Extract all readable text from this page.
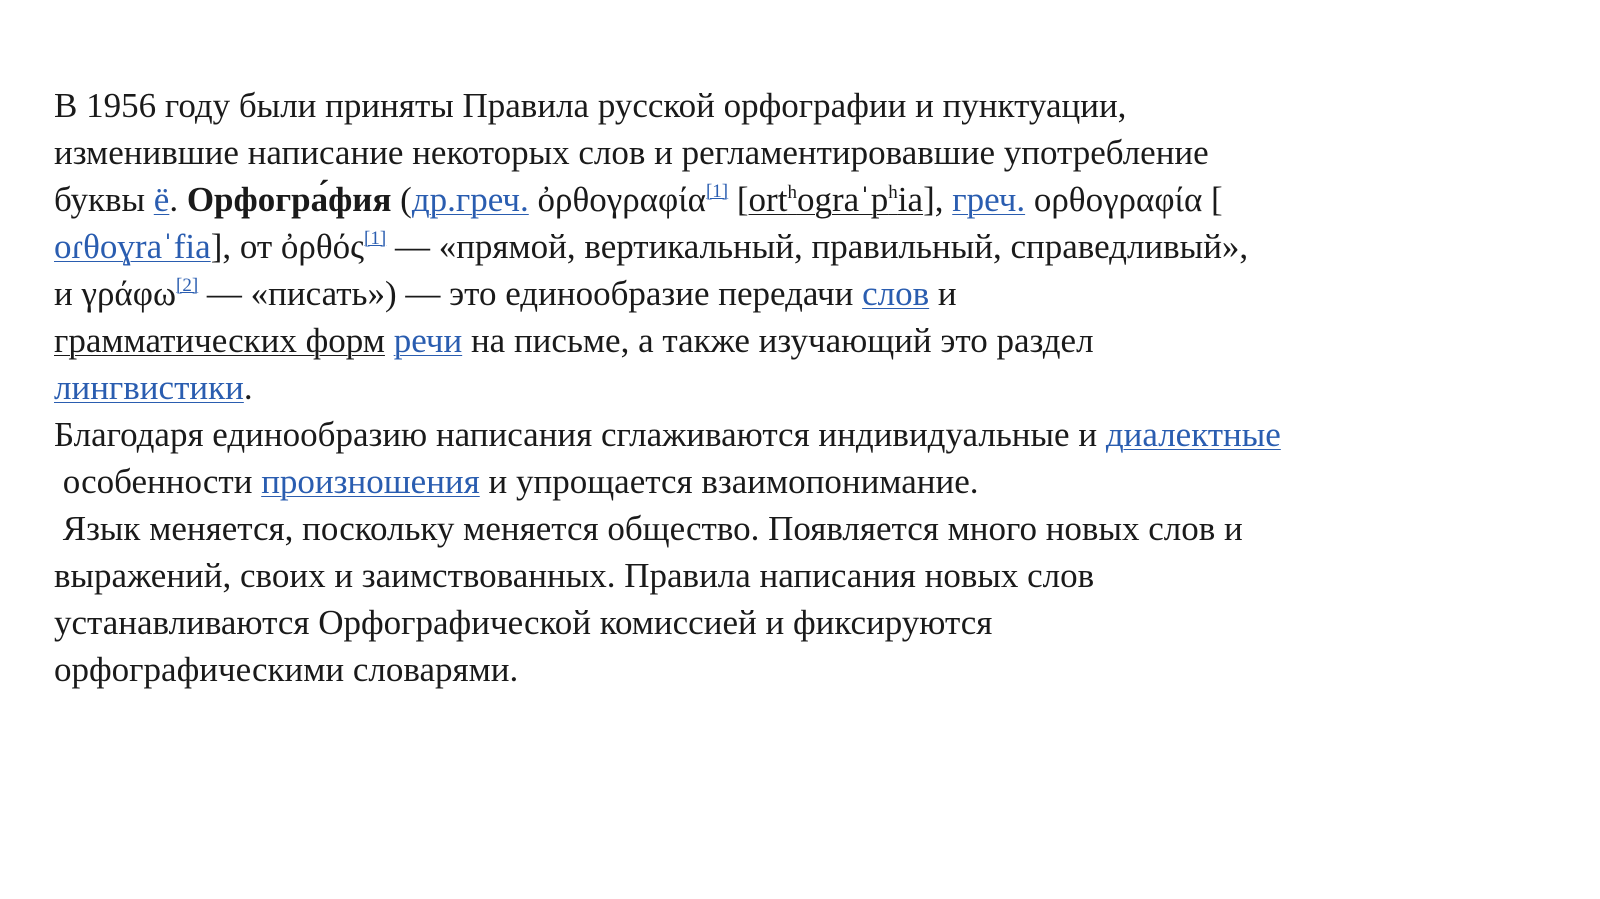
В 1956 году были приняты Правила русской орфографии и пунктуации,
изменившие написание некоторых слов и регламентировавшие употребление
буквы ё. Орфогра́фия (др.греч. ὀρθογραφία[1] [ort$^h$ograˈp$^h$ia], греч. ορθογραφία [
oɾθoɣraˈfia], от ὀρθός[1] — «прямой, вертикальный, правильный, справедливый»,
и γράφω[2] — «писать») — это единообразие передачи слов и
грамматических форм речи на письме, а также изучающий это раздел
лингвистики.
Благодаря единообразию написания сглаживаются индивидуальные и диалектные
особенности произношения и упрощается взаимопонимание.
Язык меняется, поскольку меняется общество. Появляется много новых слов и
выражений, своих и заимствованных. Правила написания новых слов
устанавливаются Орфографической комиссией и фиксируются
орфографическими словарями.
